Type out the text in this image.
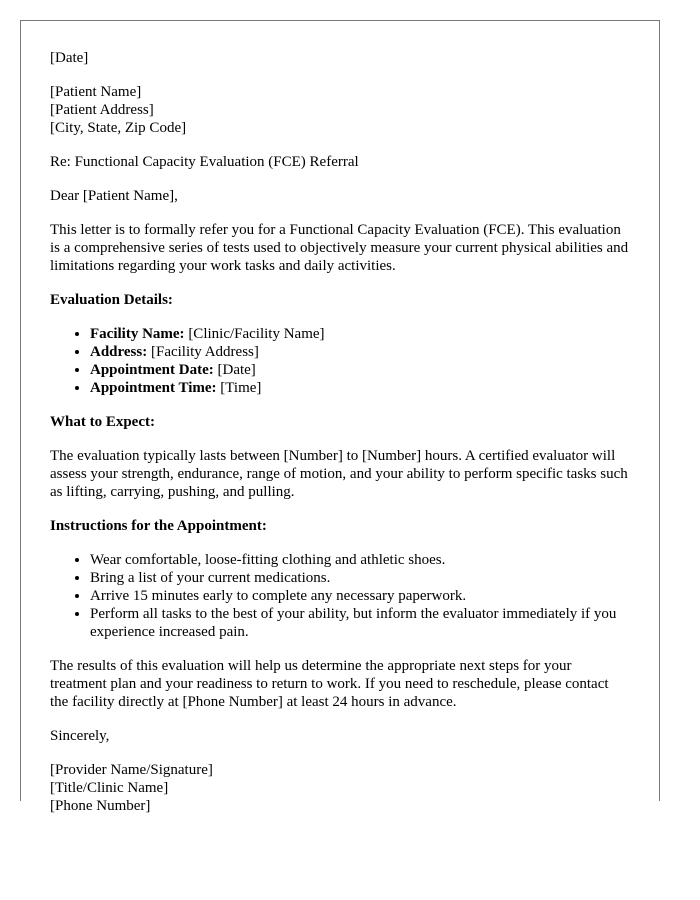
[Date]

[Patient Name]
[Patient Address]
[City, State, Zip Code]

Re: Functional Capacity Evaluation (FCE) Referral

Dear [Patient Name],

This letter is to formally refer you for a Functional Capacity Evaluation (FCE). This evaluation is a comprehensive series of tests used to objectively measure your current physical abilities and limitations regarding your work tasks and daily activities.

Evaluation Details:

• Facility Name: [Clinic/Facility Name]
• Address: [Facility Address]
• Appointment Date: [Date]
• Appointment Time: [Time]

What to Expect:

The evaluation typically lasts between [Number] to [Number] hours. A certified evaluator will assess your strength, endurance, range of motion, and your ability to perform specific tasks such as lifting, carrying, pushing, and pulling.

Instructions for the Appointment:

• Wear comfortable, loose-fitting clothing and athletic shoes.
• Bring a list of your current medications.
• Arrive 15 minutes early to complete any necessary paperwork.
• Perform all tasks to the best of your ability, but inform the evaluator immediately if you experience increased pain.

The results of this evaluation will help us determine the appropriate next steps for your treatment plan and your readiness to return to work. If you need to reschedule, please contact the facility directly at [Phone Number] at least 24 hours in advance.

Sincerely,

[Provider Name/Signature]
[Title/Clinic Name]
[Phone Number]
